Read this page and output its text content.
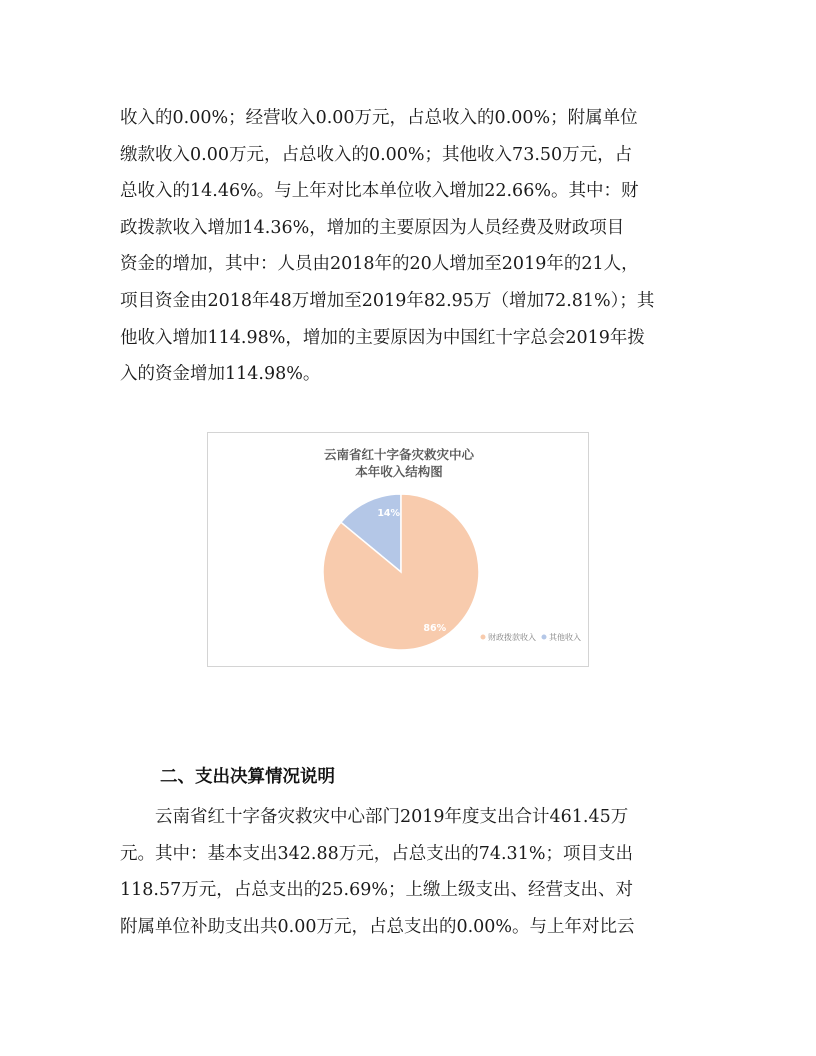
收入的0.00%；经营收入0.00万元，占总收入的0.00%；附属单位
缴款收入0.00万元，占总收入的0.00%；其他收入73.50万元，占
总收入的14.46%。与上年对比本单位收入增加22.66%。其中：财
政拨款收入增加14.36%，增加的主要原因为人员经费及财政项目
资金的增加，其中：人员由2018年的20人增加至2019年的21人，
项目资金由2018年48万增加至2019年82.95万（增加72.81%）；其
他收入增加114.98%，增加的主要原因为中国红十字总会2019年拨
入的资金增加114.98%。
云南省红十字备灾救灾中心
本年收入结构图
14%
86%
财政拨款收入 其他收入
二、支出决算情况说明
云南省红十字备灾救灾中心部门2019年度支出合计461.45万
元。其中：基本支出342.88万元，占总支出的74.31%；项目支出
118.57万元，占总支出的25.69%；上缴上级支出、经营支出、对
附属单位补助支出共0.00万元，占总支出的0.00%。与上年对比云
